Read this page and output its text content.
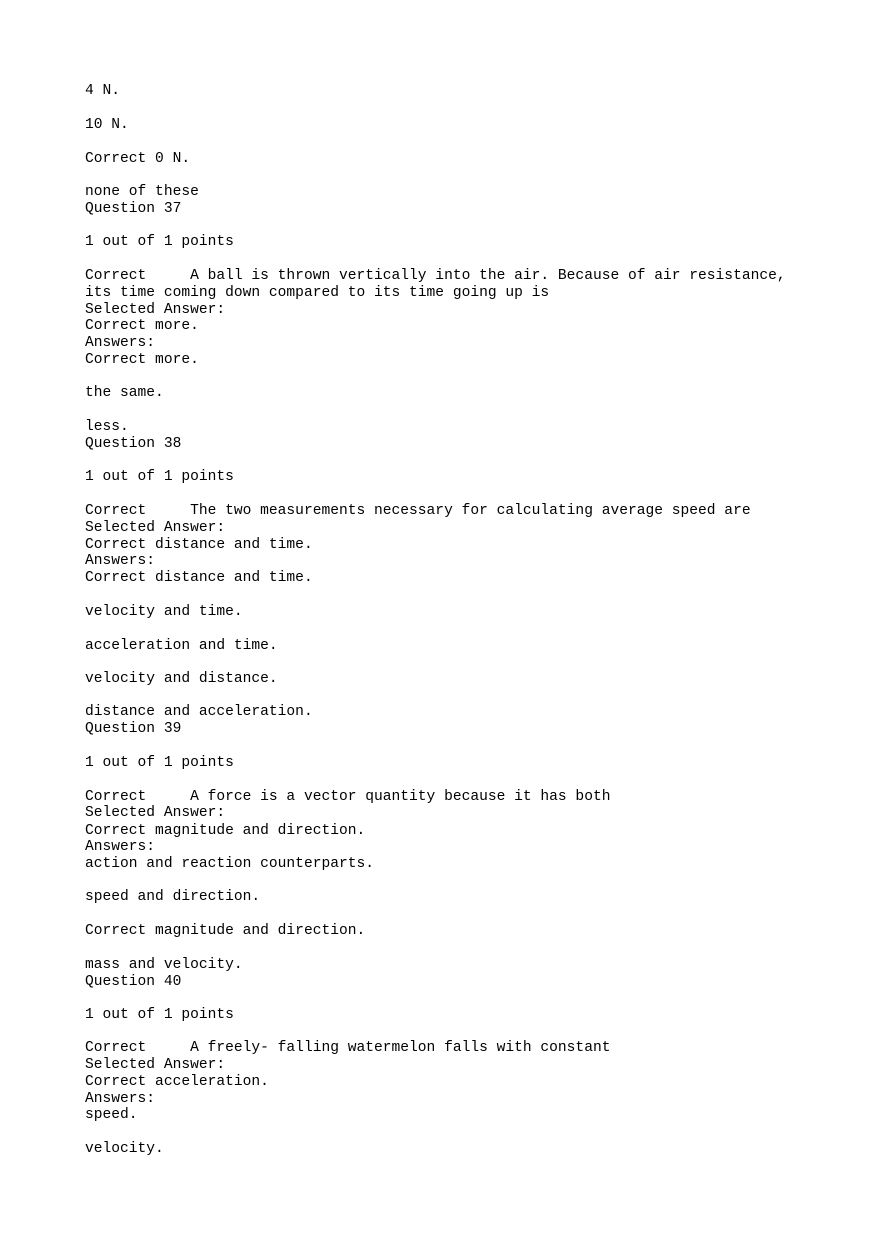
4 N.

10 N.

Correct 0 N.

none of these

Question 37

1 out of 1 points

Correct     A ball is thrown vertically into the air. Because of air resistance,

its time coming down compared to its time going up is

Selected Answer:

Correct more.

Answers:

Correct more.

the same.

less.

Question 38

1 out of 1 points

Correct     The two measurements necessary for calculating average speed are

Selected Answer:

Correct distance and time.

Answers:

Correct distance and time.

velocity and time.

acceleration and time.

velocity and distance.

distance and acceleration.

Question 39

1 out of 1 points

Correct     A force is a vector quantity because it has both

Selected Answer:

Correct magnitude and direction.

Answers:

action and reaction counterparts.

speed and direction.

Correct magnitude and direction.

mass and velocity.

Question 40

1 out of 1 points

Correct     A freely- falling watermelon falls with constant

Selected Answer:

Correct acceleration.

Answers:

speed.

velocity.
